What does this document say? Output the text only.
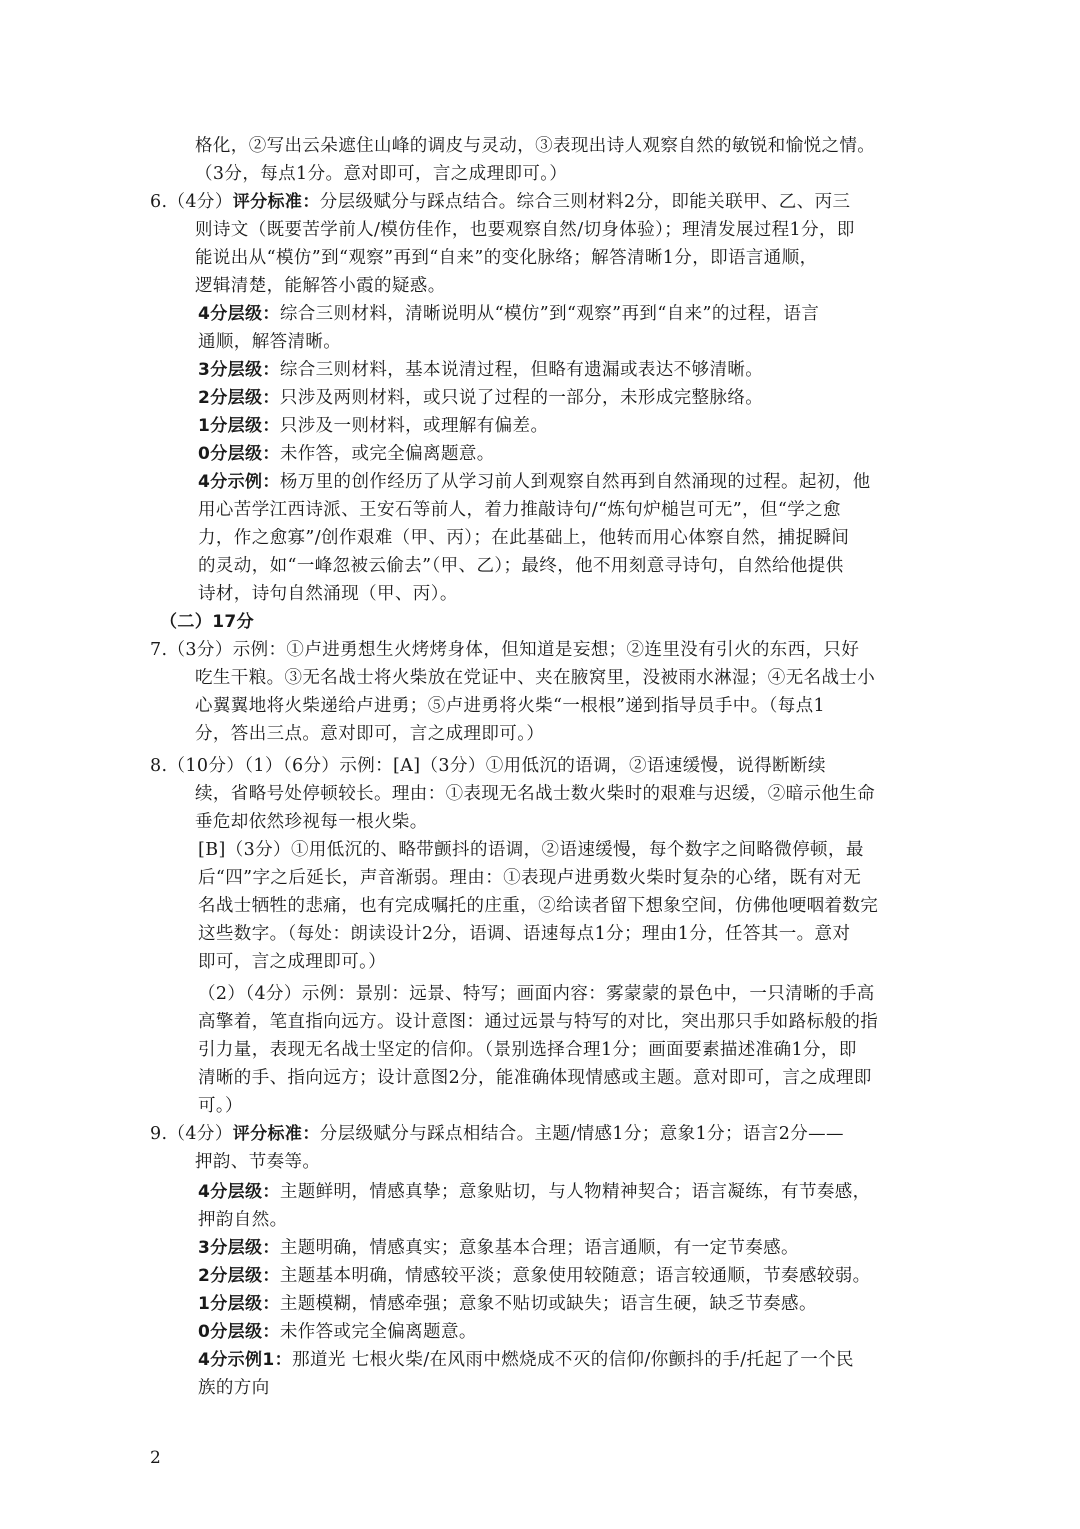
格化，②写出云朵遮住山峰的调皮与灵动，③表现出诗人观察自然的敏锐和愉悦之情。
（3分，每点1分。意对即可，言之成理即可。）
6.（4分）评分标准：分层级赋分与踩点结合。综合三则材料2分，即能关联甲、乙、丙三
则诗文（既要苦学前人/模仿佳作，也要观察自然/切身体验）；理清发展过程1分，即
能说出从“模仿”到“观察”再到“自来”的变化脉络；解答清晰1分，即语言通顺，
逻辑清楚，能解答小霞的疑惑。
4分层级：综合三则材料，清晰说明从“模仿”到“观察”再到“自来”的过程，语言
通顺，解答清晰。
3分层级：综合三则材料，基本说清过程，但略有遗漏或表达不够清晰。
2分层级：只涉及两则材料，或只说了过程的一部分，未形成完整脉络。
1分层级：只涉及一则材料，或理解有偏差。
0分层级：未作答，或完全偏离题意。
4分示例：杨万里的创作经历了从学习前人到观察自然再到自然涌现的过程。起初，他
用心苦学江西诗派、王安石等前人，着力推敲诗句/“炼句炉槌岂可无”，但“学之愈
力，作之愈寡”/创作艰难（甲、丙）；在此基础上，他转而用心体察自然，捕捉瞬间
的灵动，如“一峰忽被云偷去”（甲、乙）；最终，他不用刻意寻诗句，自然给他提供
诗材，诗句自然涌现（甲、丙）。
（二）17分
7.（3分）示例：①卢进勇想生火烤烤身体，但知道是妄想；②连里没有引火的东西，只好
吃生干粮。③无名战士将火柴放在党证中、夹在腋窝里，没被雨水淋湿；④无名战士小
心翼翼地将火柴递给卢进勇；⑤卢进勇将火柴“一根根”递到指导员手中。（每点1
分，答出三点。意对即可，言之成理即可。）
8.（10分）（1）（6分）示例：[A]（3分）①用低沉的语调，②语速缓慢，说得断断续
续，省略号处停顿较长。理由：①表现无名战士数火柴时的艰难与迟缓，②暗示他生命
垂危却依然珍视每一根火柴。
[B]（3分）①用低沉的、略带颤抖的语调，②语速缓慢，每个数字之间略微停顿，最
后“四”字之后延长，声音渐弱。理由：①表现卢进勇数火柴时复杂的心绪，既有对无
名战士牺牲的悲痛，也有完成嘱托的庄重，②给读者留下想象空间，仿佛他哽咽着数完
这些数字。（每处：朗读设计2分，语调、语速每点1分；理由1分，任答其一。意对
即可，言之成理即可。）
（2）（4分）示例：景别：远景、特写；画面内容：雾蒙蒙的景色中，一只清晰的手高
高擎着，笔直指向远方。设计意图：通过远景与特写的对比，突出那只手如路标般的指
引力量，表现无名战士坚定的信仰。（景别选择合理1分；画面要素描述准确1分，即
清晰的手、指向远方；设计意图2分，能准确体现情感或主题。意对即可，言之成理即
可。）
9.（4分）评分标准：分层级赋分与踩点相结合。主题/情感1分；意象1分；语言2分——
押韵、节奏等。
4分层级：主题鲜明，情感真挚；意象贴切，与人物精神契合；语言凝练，有节奏感，
押韵自然。
3分层级：主题明确，情感真实；意象基本合理；语言通顺，有一定节奏感。
2分层级：主题基本明确，情感较平淡；意象使用较随意；语言较通顺，节奏感较弱。
1分层级：主题模糊，情感牵强；意象不贴切或缺失；语言生硬，缺乏节奏感。
0分层级：未作答或完全偏离题意。
4分示例1：那道光 七根火柴/在风雨中燃烧成不灭的信仰/你颤抖的手/托起了一个民
族的方向
2
